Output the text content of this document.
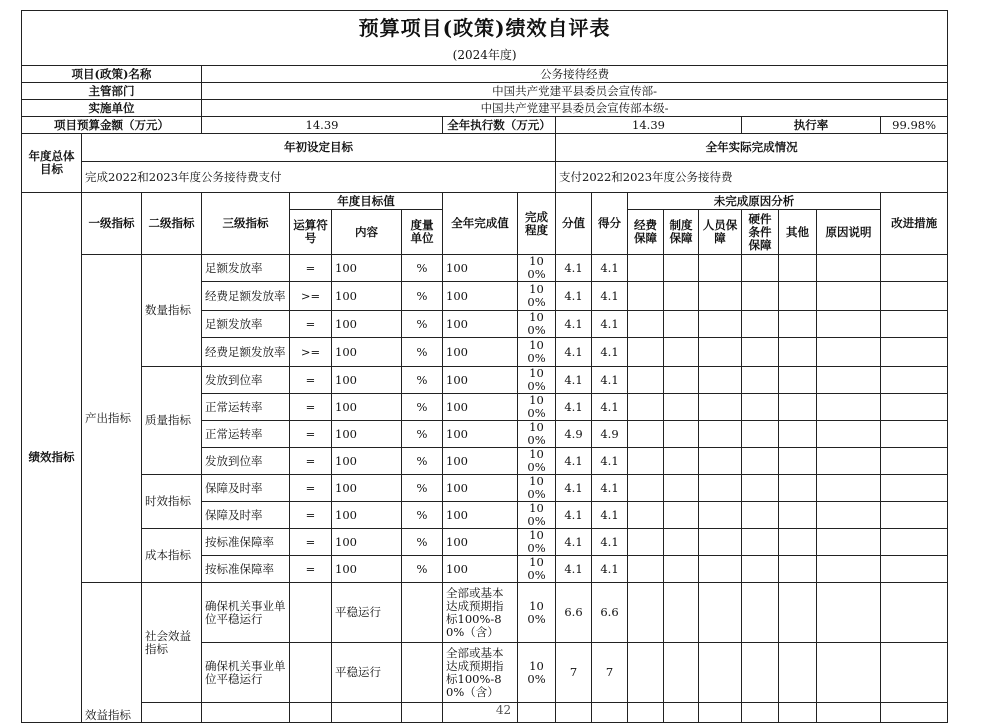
预算项目(政策)绩效自评表																	
(2024年度)																	
项目(政策)名称			公务接待经费														
主管部门			中国共产党建平县委员会宣传部-														
实施单位			中国共产党建平县委员会宣传部本级-														
项目预算金额（万元）			14.39				全年执行数（万元）		14.39					执行率			99.98%
年度总体目标	年初设定目标								全年实际完成情况								
	完成2022和2023年度公务接待费支付								支付2022和2023年度公务接待费								
绩效指标	一级指标	二级指标	三级指标	年度目标值			全年完成值	完成程度	分值	得分	未完成原因分析						改进措施
				运算符号	内容	度量单位					经费保障	制度保障	人员保障	硬件条件保障	其他	原因说明	
	产出指标	数量指标	足额发放率	=	100	%	100	100%	4.1	4.1							
			经费足额发放率	>=	100	%	100	100%	4.1	4.1							
			足额发放率	=	100	%	100	100%	4.1	4.1							
			经费足额发放率	>=	100	%	100	100%	4.1	4.1							
		质量指标	发放到位率	=	100	%	100	100%	4.1	4.1							
			正常运转率	=	100	%	100	100%	4.1	4.1							
			正常运转率	=	100	%	100	100%	4.9	4.9							
			发放到位率	=	100	%	100	100%	4.1	4.1							
		时效指标	保障及时率	=	100	%	100	100%	4.1	4.1							
			保障及时率	=	100	%	100	100%	4.1	4.1							
		成本指标	按标准保障率	=	100	%	100	100%	4.1	4.1							
			按标准保障率	=	100	%	100	100%	4.1	4.1							
	效益指标	社会效益指标	确保机关事业单位平稳运行		平稳运行		全部或基本达成预期指标100%-80%（含）	100%	6.6	6.6							
			确保机关事业单位平稳运行		平稳运行		全部或基本达成预期指标100%-80%（含）	100%	7	7							

42
